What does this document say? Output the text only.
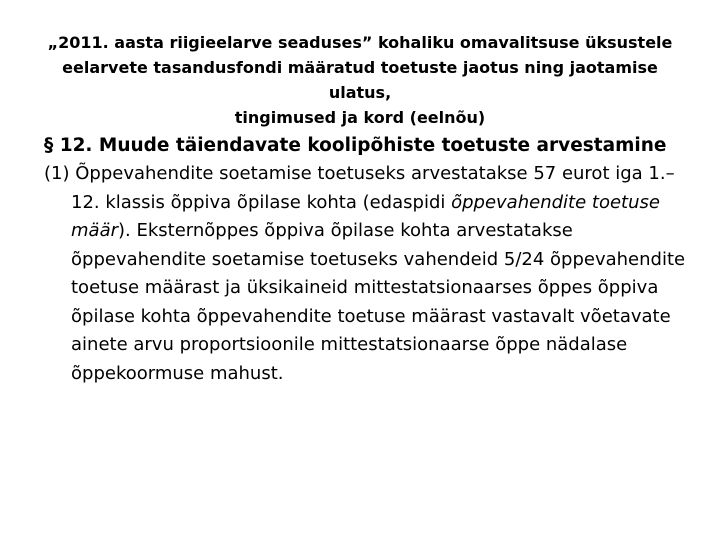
„2011. aasta riigieelarve seaduses” kohaliku omavalitsuse üksustele
eelarvete tasandusfondi määratud toetuste jaotus ning jaotamise ulatus,
tingimused ja kord (eelnõu)
§ 12. Muude täiendavate koolipõhiste toetuste arvestamine

(1) Õppevahendite soetamise toetuseks arvestatakse 57 eurot iga 1.–12. klassis õppiva õpilase kohta (edaspidi õppevahendite toetuse määr). Eksternõppes õppiva õpilase kohta arvestatakse õppevahendite soetamise toetuseks vahendeid 5/24 õppevahendite toetuse määrast ja üksikaineid mittestatsionaarses õppes õppiva õpilase kohta õppevahendite toetuse määrast vastavalt võetavate ainete arvu proportsioonile mittestatsionaarse õppe nädalase õppekoormuse mahust.
